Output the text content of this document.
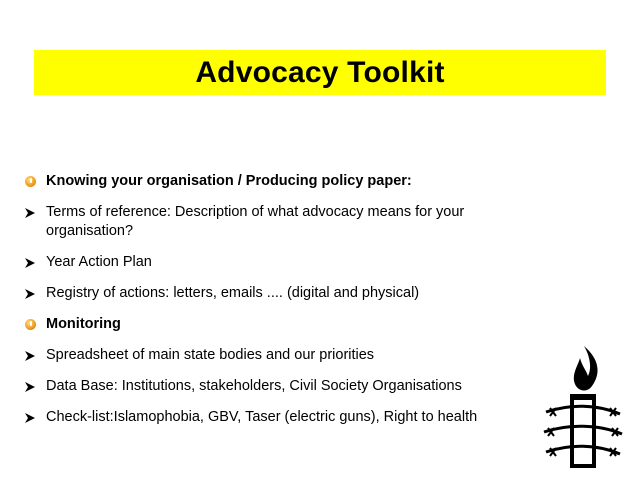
Advocacy Toolkit
Knowing your organisation / Producing policy paper:
Terms of reference: Description of what advocacy means for your organisation?
Year Action Plan
Registry of actions: letters, emails .... (digital and physical)
Monitoring
Spreadsheet of main state bodies and our priorities
Data Base: Institutions, stakeholders, Civil Society Organisations
Check-list:Islamophobia, GBV, Taser (electric guns), Right to health
